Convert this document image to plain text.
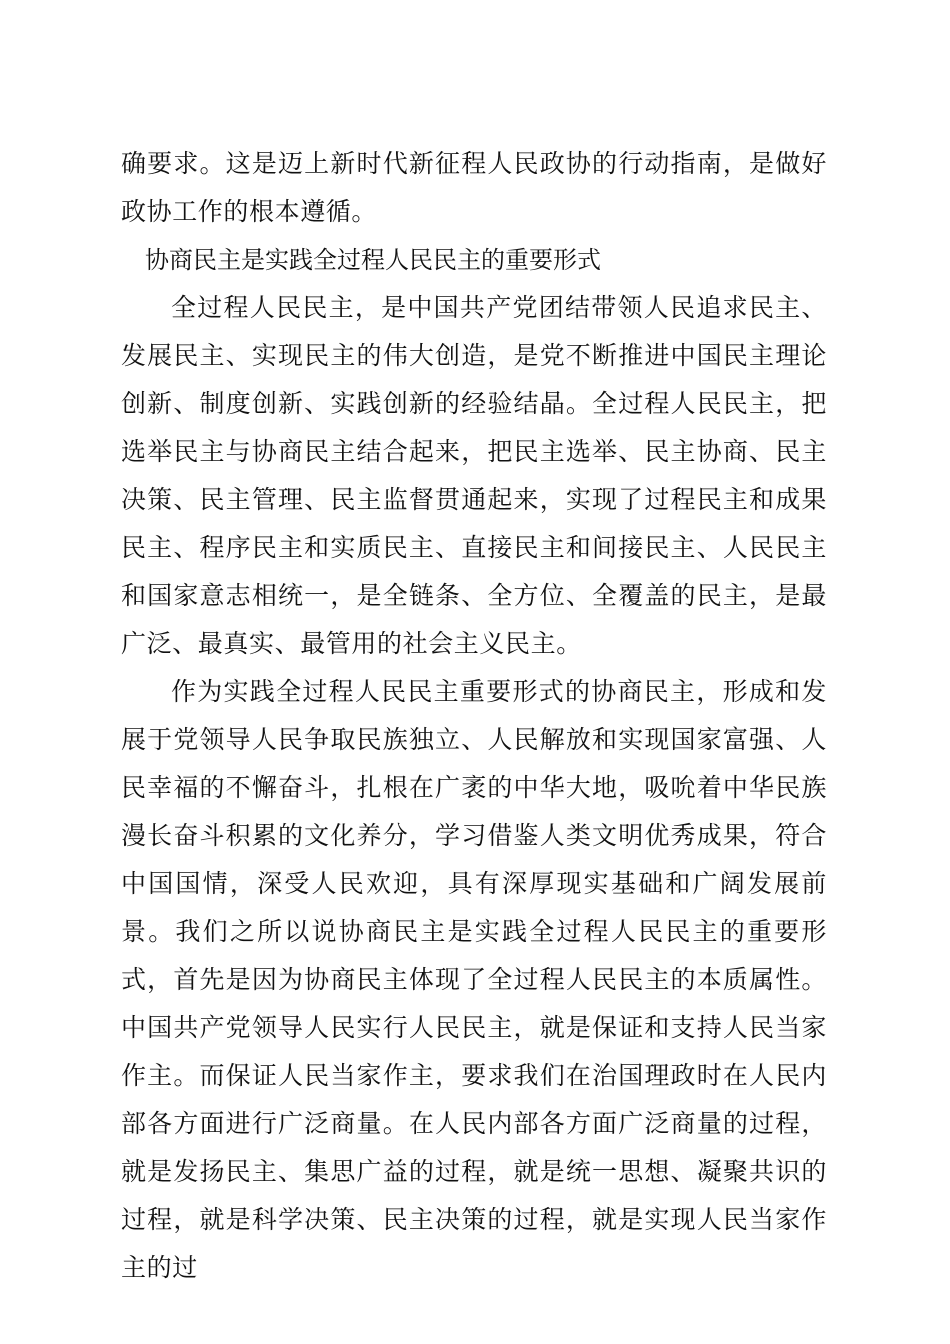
确要求。这是迈上新时代新征程人民政协的行动指南，是做好政协工作的根本遵循。

协商民主是实践全过程人民民主的重要形式

全过程人民民主，是中国共产党团结带领人民追求民主、发展民主、实现民主的伟大创造，是党不断推进中国民主理论创新、制度创新、实践创新的经验结晶。全过程人民民主，把选举民主与协商民主结合起来，把民主选举、民主协商、民主决策、民主管理、民主监督贯通起来，实现了过程民主和成果民主、程序民主和实质民主、直接民主和间接民主、人民民主和国家意志相统一，是全链条、全方位、全覆盖的民主，是最广泛、最真实、最管用的社会主义民主。

作为实践全过程人民民主重要形式的协商民主，形成和发展于党领导人民争取民族独立、人民解放和实现国家富强、人民幸福的不懈奋斗，扎根在广袤的中华大地，吸吮着中华民族漫长奋斗积累的文化养分，学习借鉴人类文明优秀成果，符合中国国情，深受人民欢迎，具有深厚现实基础和广阔发展前景。我们之所以说协商民主是实践全过程人民民主的重要形式，首先是因为协商民主体现了全过程人民民主的本质属性。中国共产党领导人民实行人民民主，就是保证和支持人民当家作主。而保证人民当家作主，要求我们在治国理政时在人民内部各方面进行广泛商量。在人民内部各方面广泛商量的过程，就是发扬民主、集思广益的过程，就是统一思想、凝聚共识的过程，就是科学决策、民主决策的过程，就是实现人民当家作主的过
